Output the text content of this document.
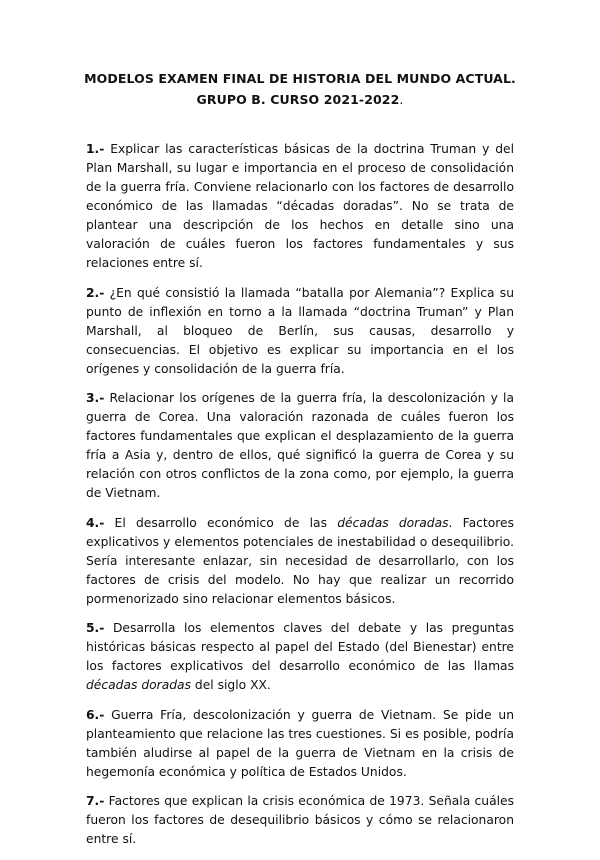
MODELOS EXAMEN FINAL DE HISTORIA DEL MUNDO ACTUAL.
GRUPO B. CURSO 2021-2022.

1.- Explicar las características básicas de la doctrina Truman y del Plan Marshall, su lugar e importancia en el proceso de consolidación de la guerra fría. Conviene relacionarlo con los factores de desarrollo económico de las llamadas “décadas doradas”. No se trata de plantear una descripción de los hechos en detalle sino una valoración de cuáles fueron los factores fundamentales y sus relaciones entre sí.

2.- ¿En qué consistió la llamada “batalla por Alemania”? Explica su punto de inflexión en torno a la llamada “doctrina Truman” y Plan Marshall, al bloqueo de Berlín, sus causas, desarrollo y consecuencias. El objetivo es explicar su importancia en el los orígenes y consolidación de la guerra fría.

3.- Relacionar los orígenes de la guerra fría, la descolonización y la guerra de Corea. Una valoración razonada de cuáles fueron los factores fundamentales que explican el desplazamiento de la guerra fría a Asia y, dentro de ellos, qué significó la guerra de Corea y su relación con otros conflictos de la zona como, por ejemplo, la guerra de Vietnam.

4.- El desarrollo económico de las décadas doradas. Factores explicativos y elementos potenciales de inestabilidad o desequilibrio. Sería interesante enlazar, sin necesidad de desarrollarlo, con los factores de crisis del modelo. No hay que realizar un recorrido pormenorizado sino relacionar elementos básicos.

5.- Desarrolla los elementos claves del debate y las preguntas históricas básicas respecto al papel del Estado (del Bienestar) entre los factores explicativos del desarrollo económico de las llamas décadas doradas del siglo XX.

6.- Guerra Fría, descolonización y guerra de Vietnam. Se pide un planteamiento que relacione las tres cuestiones. Si es posible, podría también aludirse al papel de la guerra de Vietnam en la crisis de hegemonía económica y política de Estados Unidos.

7.- Factores que explican la crisis económica de 1973. Señala cuáles fueron los factores de desequilibrio básicos y cómo se relacionaron entre sí.
